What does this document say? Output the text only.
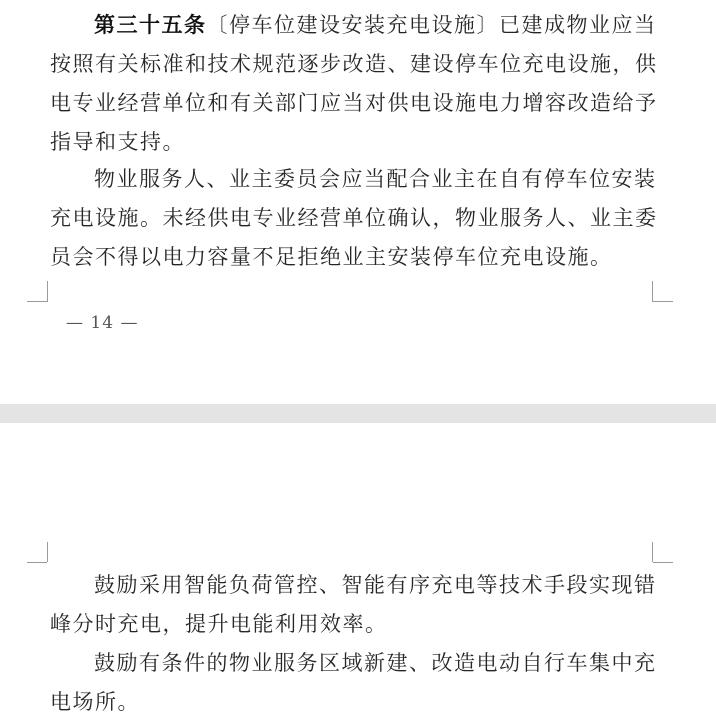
第三十五条〔停车位建设安装充电设施〕已建成物业应当按照有关标准和技术规范逐步改造、建设停车位充电设施，供电专业经营单位和有关部门应当对供电设施电力增容改造给予指导和支持。

物业服务人、业主委员会应当配合业主在自有停车位安装充电设施。未经供电专业经营单位确认，物业服务人、业主委员会不得以电力容量不足拒绝业主安装停车位充电设施。

— 14 —

鼓励采用智能负荷管控、智能有序充电等技术手段实现错峰分时充电，提升电能利用效率。

鼓励有条件的物业服务区域新建、改造电动自行车集中充电场所。
